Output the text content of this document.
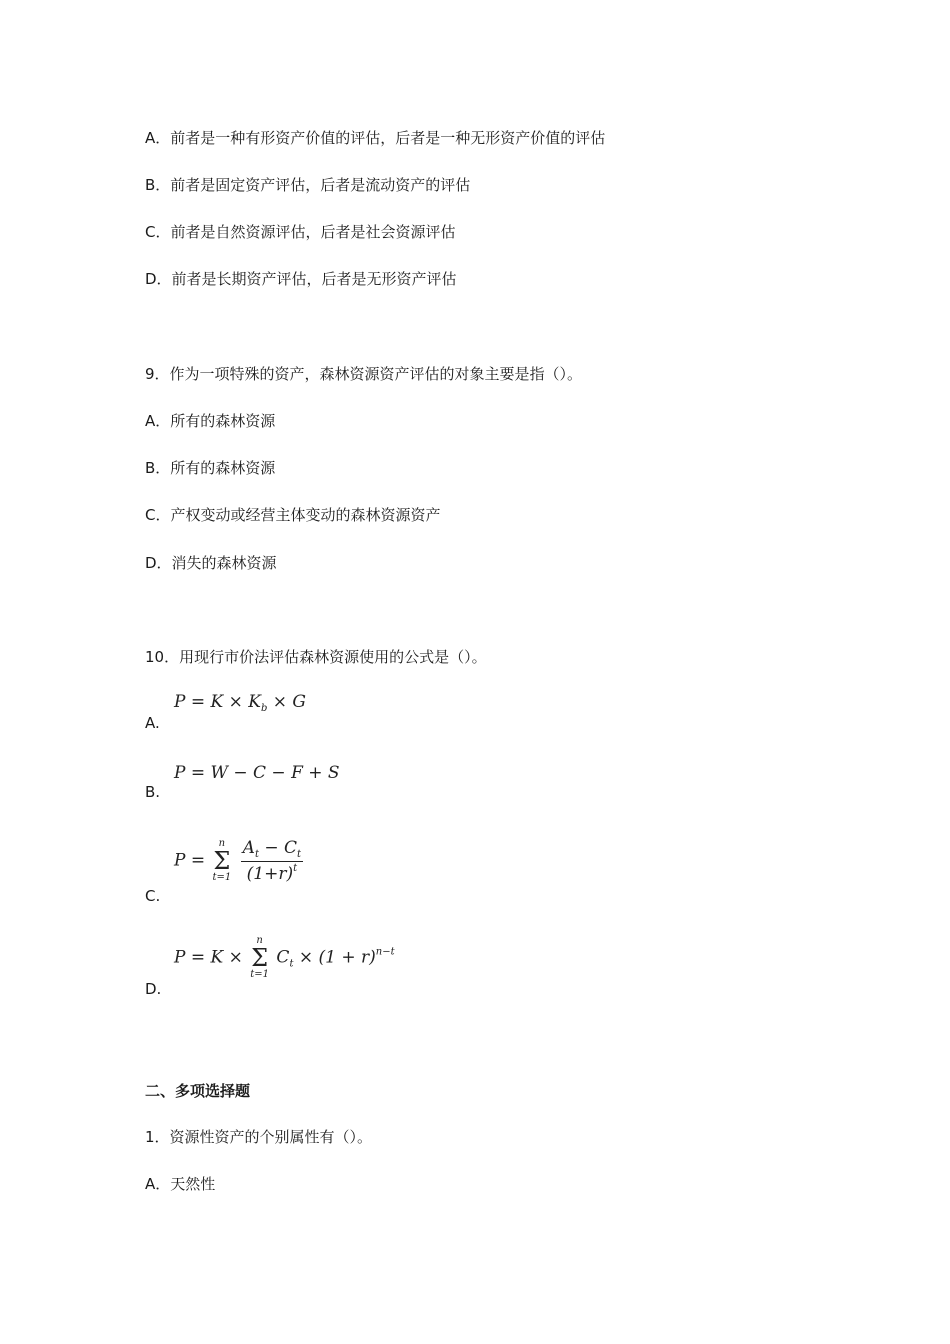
A．前者是一种有形资产价值的评估，后者是一种无形资产价值的评估
B．前者是固定资产评估，后者是流动资产的评估
C．前者是自然资源评估，后者是社会资源评估
D．前者是长期资产评估，后者是无形资产评估
9．作为一项特殊的资产，森林资源资产评估的对象主要是指（）。
A．所有的森林资源
B．所有的森林资源
C．产权变动或经营主体变动的森林资源资产
D．消失的森林资源
10．用现行市价法评估森林资源使用的公式是（）。
$P = K \times K_b \times G$
A.
P = W − C − F + S
B.
P =
n
Σ
t=1
$\frac{A_t - C_t}{(1+r)^t}$
C.
P = K ×
n
Σ
t=1
$C_t \times (1 + r)^{n-t}$
D.
二、多项选择题
1．资源性资产的个别属性有（）。
A．天然性
